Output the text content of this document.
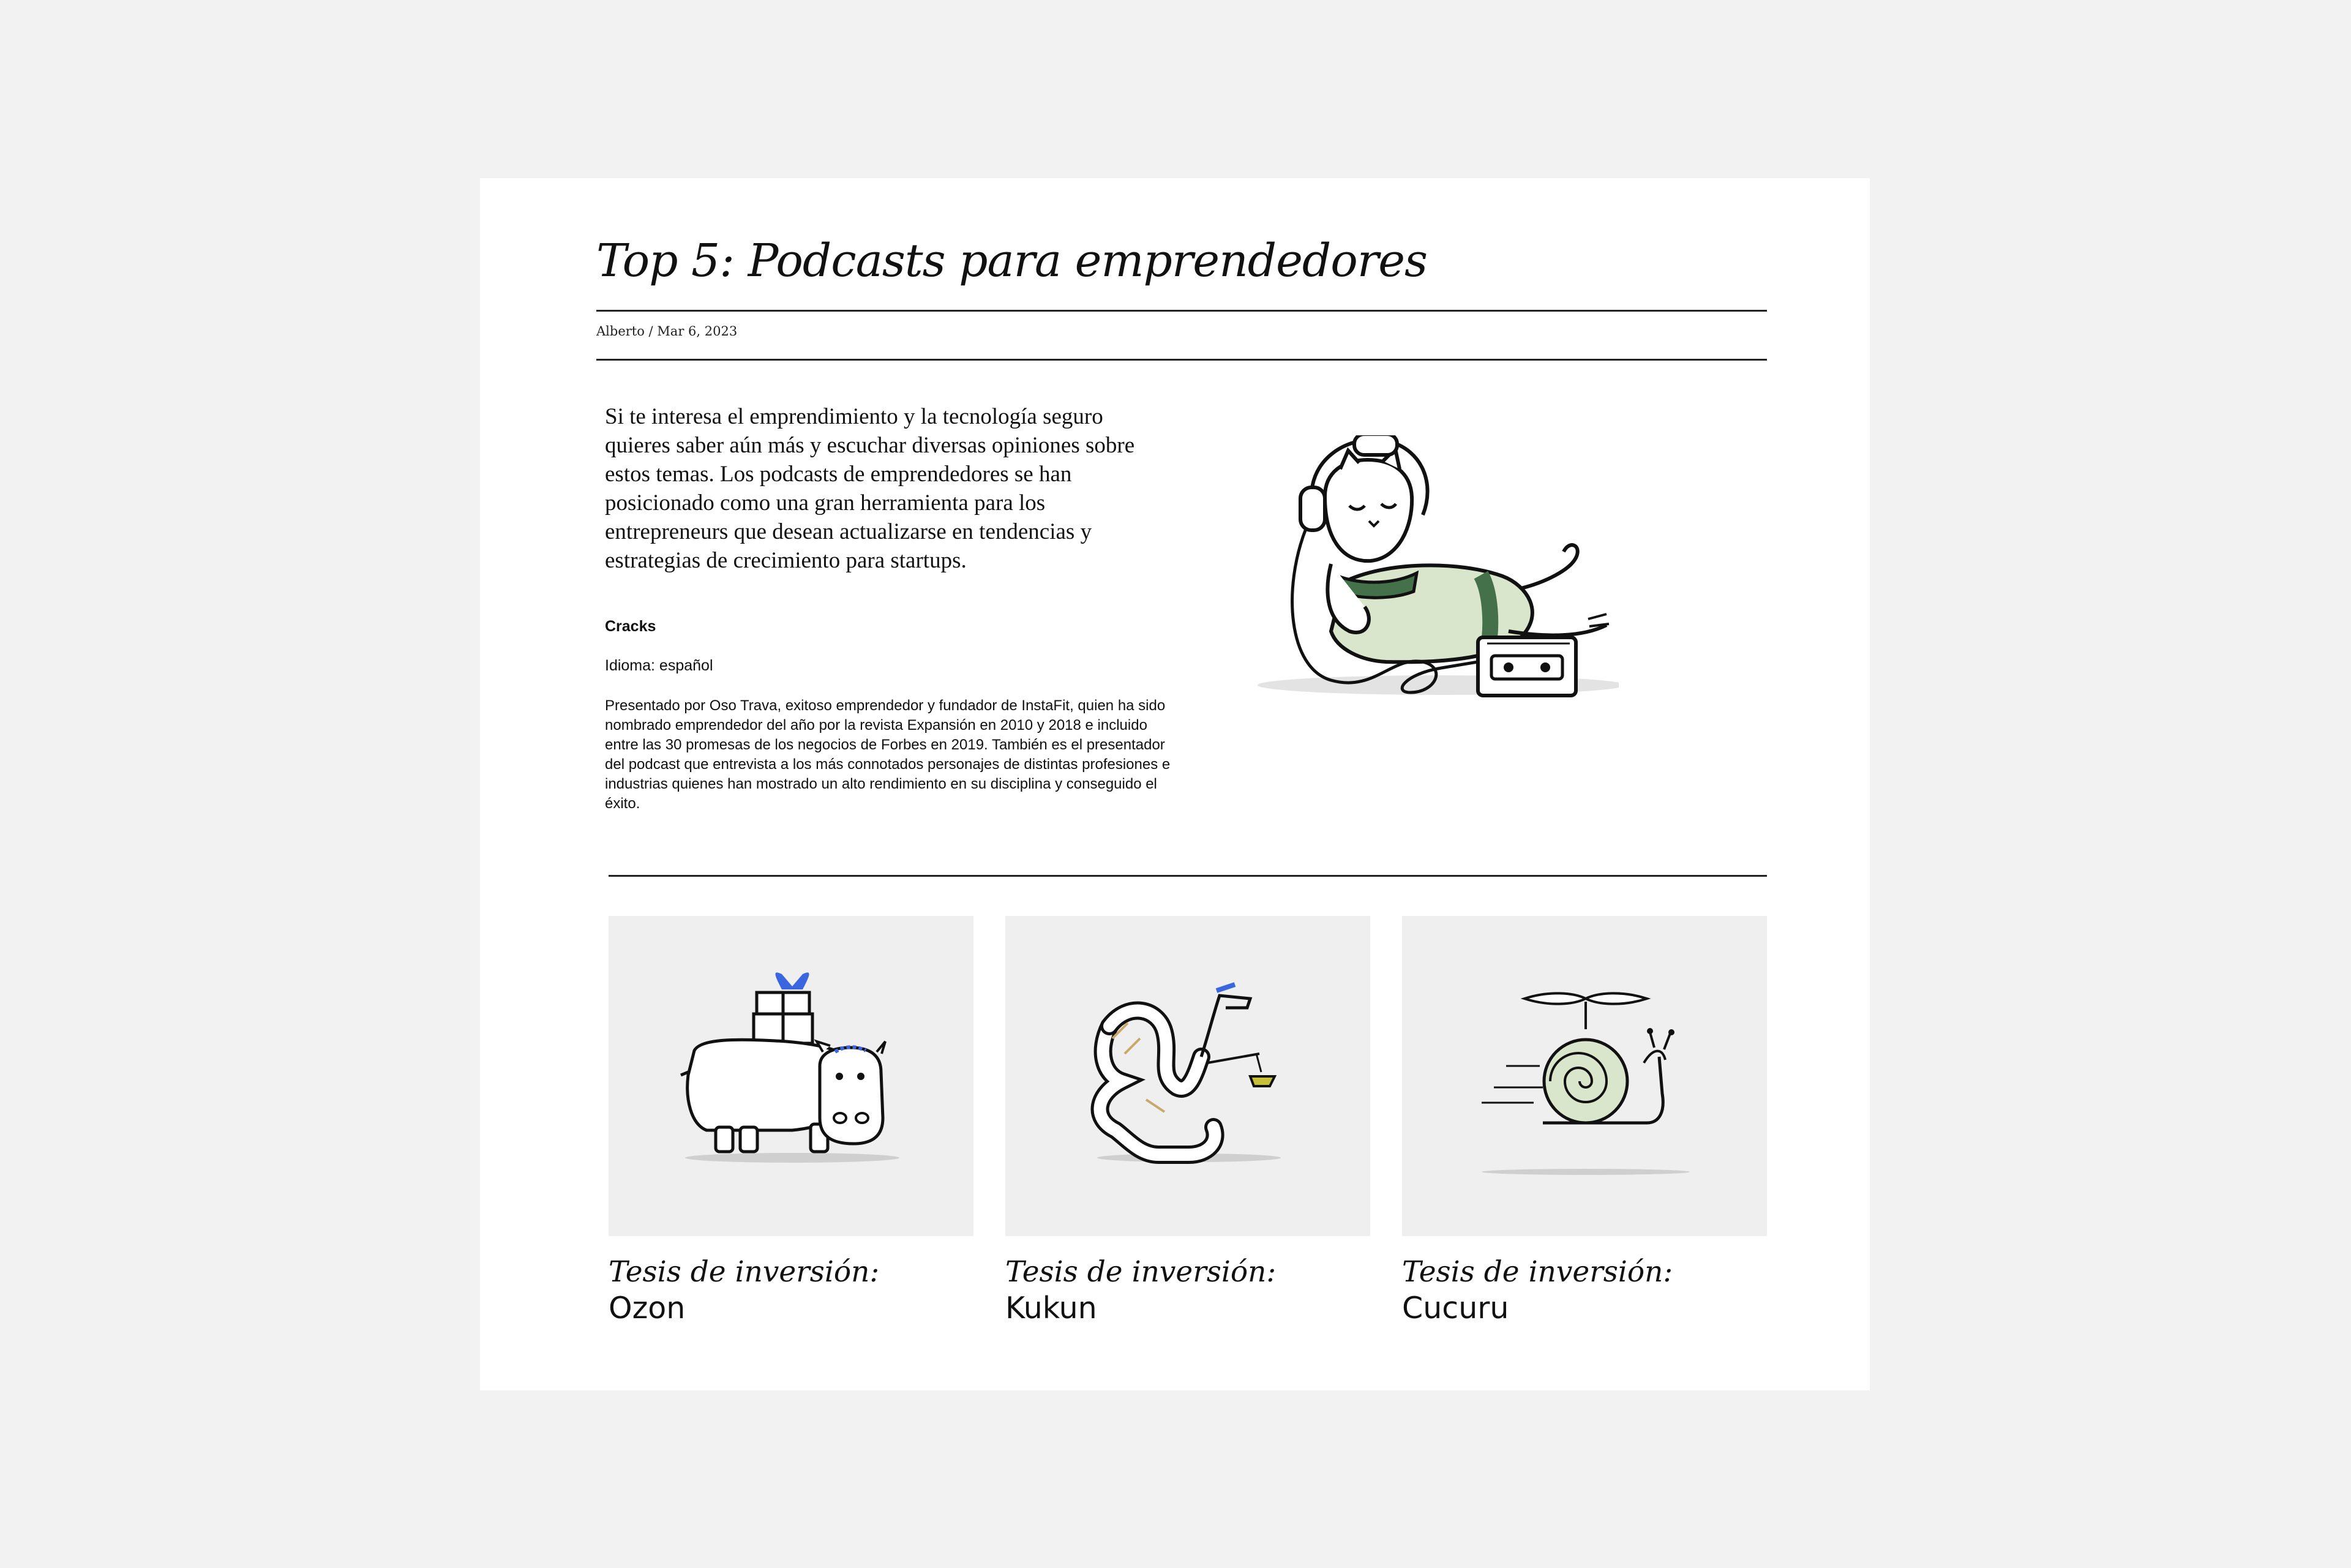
Top 5: Podcasts para emprendedores
Alberto / Mar 6, 2023

Si te interesa el emprendimiento y la tecnología seguro quieres saber aún más y escuchar diversas opiniones sobre estos temas. Los podcasts de emprendedores se han posicionado como una gran herramienta para los entrepreneurs que desean actualizarse en tendencias y estrategias de crecimiento para startups.

Cracks

Idioma: español

Presentado por Oso Trava, exitoso emprendedor y fundador de InstaFit, quien ha sido nombrado emprendedor del año por la revista Expansión en 2010 y 2018 e incluido entre las 30 promesas de los negocios de Forbes en 2019. También es el presentador del podcast que entrevista a los más connotados personajes de distintas profesiones e industrias quienes han mostrado un alto rendimiento en su disciplina y conseguido el éxito.

Tesis de inversión:
Ozon
Tesis de inversión:
Kukun
Tesis de inversión:
Cucuru
